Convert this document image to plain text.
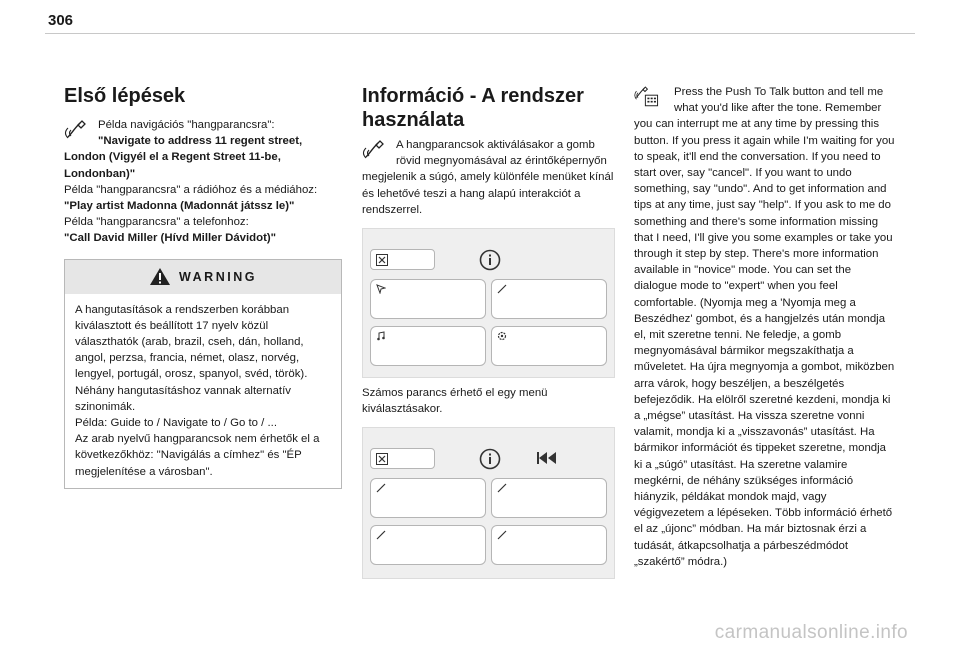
306
Első lépések
Példa navigációs "hangparancsra":
"Navigate to address 11 regent street, London (Vigyél el a Regent Street 11-be, Londonban)"
Példa "hangparancsra" a rádióhoz és a médiához:
"Play artist Madonna (Madonnát játssz le)"
Példa "hangparancsra" a telefonhoz:
"Call David Miller (Hívd Miller Dávidot)"
WARNING
A hangutasítások a rendszerben korábban kiválasztott és beállított 17 nyelv közül választhatók (arab, brazil, cseh, dán, holland, angol, perzsa, francia, német, olasz, norvég, lengyel, portugál, orosz, spanyol, svéd, török). Néhány hangutasításhoz vannak alternatív szinonimák.
Példa: Guide to / Navigate to / Go to / ...
Az arab nyelvű hangparancsok nem érhetők el a következőkhöz: "Navigálás a címhez" és "ÉP megjelenítése a városban".
Információ - A rendszer
használata
A hangparancsok aktiválásakor a gomb rövid megnyomásával az érintőképernyőn megjelenik a súgó, amely különféle menüket kínál és lehetővé teszi a hang alapú interakciót a rendszerrel.
Számos parancs érhető el egy menü kiválasztásakor.
Press the Push To Talk button and tell me what you'd like after the tone. Remember you can interrupt me at any time by pressing this button. If you press it again while I'm waiting for you to speak, it'll end the conversation. If you need to start over, say "cancel". If you want to undo something, say "undo". And to get information and tips at any time, just say "help". If you ask to me do something and there's some information missing that I need, I'll give you some examples or take you through it step by step. There's more information available in "novice" mode. You can set the dialogue mode to "expert" when you feel comfortable. (Nyomja meg a 'Nyomja meg a Beszédhez' gombot, és a hangjelzés után mondja el, mit szeretne tenni. Ne feledje, a gomb megnyomásával bármikor megszakíthatja a műveletet. Ha újra megnyomja a gombot, miközben arra várok, hogy beszéljen, a beszélgetés befejeződik. Ha elölről szeretné kezdeni, mondja ki a „mégse” utasítást. Ha vissza szeretne vonni valamit, mondja ki a „visszavonás” utasítást. Ha bármikor információt és tippeket szeretne, mondja ki a „súgó” utasítást. Ha szeretne valamire megkérni, de néhány szükséges információ hiányzik, példákat mondok majd, vagy végigvezetem a lépéseken. Több információ érhető el az „újonc” módban. Ha már biztosnak érzi a tudását, átkapcsolhatja a párbeszédmódot „szakértő” módra.)
carmanualsonline.info
